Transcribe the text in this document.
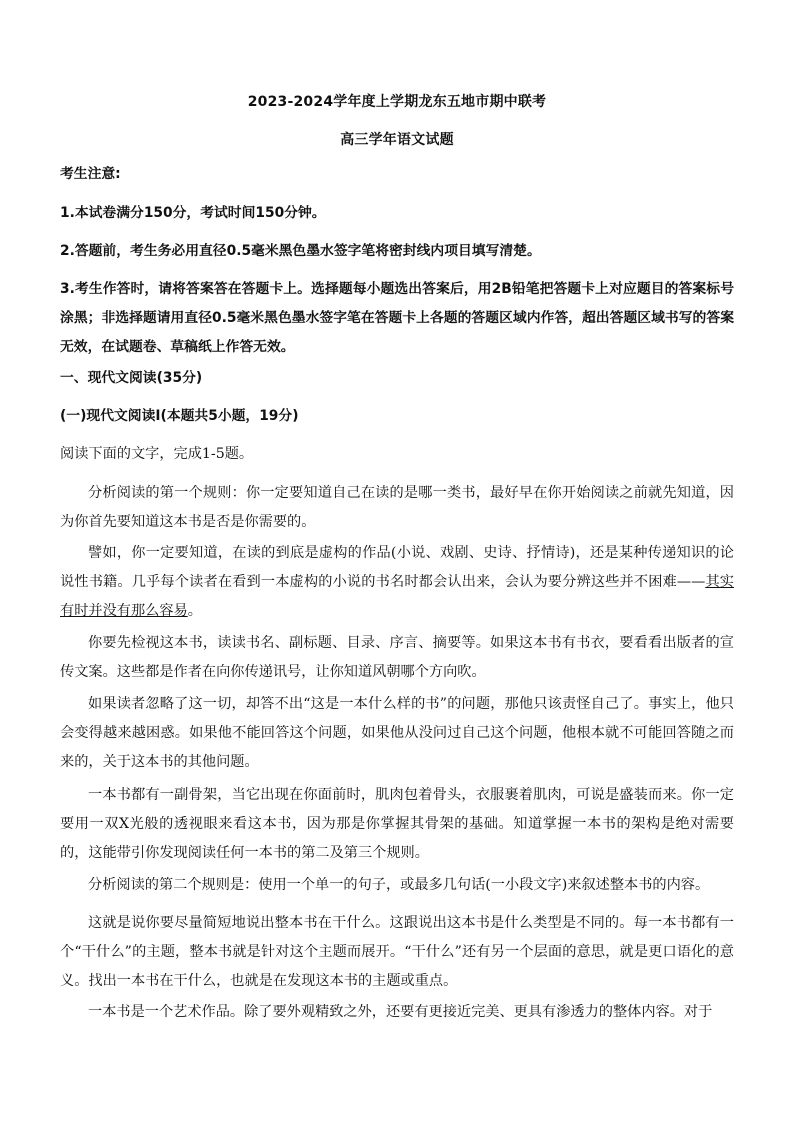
2023-2024学年度上学期龙东五地市期中联考
高三学年语文试题
考生注意:
1.本试卷满分150分，考试时间150分钟。
2.答题前，考生务必用直径0.5毫米黑色墨水签字笔将密封线内项目填写清楚。
3.考生作答时，请将答案答在答题卡上。选择题每小题选出答案后，用2B铅笔把答题卡上对应题目的答案标号涂黑；非选择题请用直径0.5毫米黑色墨水签字笔在答题卡上各题的答题区域内作答，超出答题区域书写的答案无效，在试题卷、草稿纸上作答无效。
一、现代文阅读(35分)
(一)现代文阅读Ⅰ(本题共5小题，19分)
阅读下面的文字，完成1-5题。
分析阅读的第一个规则：你一定要知道自己在读的是哪一类书，最好早在你开始阅读之前就先知道，因为你首先要知道这本书是否是你需要的。
譬如，你一定要知道，在读的到底是虚构的作品(小说、戏剧、史诗、抒情诗)，还是某种传递知识的论说性书籍。几乎每个读者在看到一本虚构的小说的书名时都会认出来，会认为要分辨这些并不困难——其实有时并没有那么容易。
你要先检视这本书，读读书名、副标题、目录、序言、摘要等。如果这本书有书衣，要看看出版者的宣传文案。这些都是作者在向你传递讯号，让你知道风朝哪个方向吹。
如果读者忽略了这一切，却答不出“这是一本什么样的书”的问题，那他只该责怪自己了。事实上，他只会变得越来越困惑。如果他不能回答这个问题，如果他从没问过自己这个问题，他根本就不可能回答随之而来的，关于这本书的其他问题。
一本书都有一副骨架，当它出现在你面前时，肌肉包着骨头，衣服裹着肌肉，可说是盛装而来。你一定要用一双X光般的透视眼来看这本书，因为那是你掌握其骨架的基础。知道掌握一本书的架构是绝对需要的，这能带引你发现阅读任何一本书的第二及第三个规则。
分析阅读的第二个规则是：使用一个单一的句子，或最多几句话(一小段文字)来叙述整本书的内容。
这就是说你要尽量简短地说出整本书在干什么。这跟说出这本书是什么类型是不同的。每一本书都有一个“干什么”的主题，整本书就是针对这个主题而展开。“干什么”还有另一个层面的意思，就是更口语化的意义。找出一本书在干什么，也就是在发现这本书的主题或重点。
一本书是一个艺术作品。除了要外观精致之外，还要有更接近完美、更具有渗透力的整体内容。对于
